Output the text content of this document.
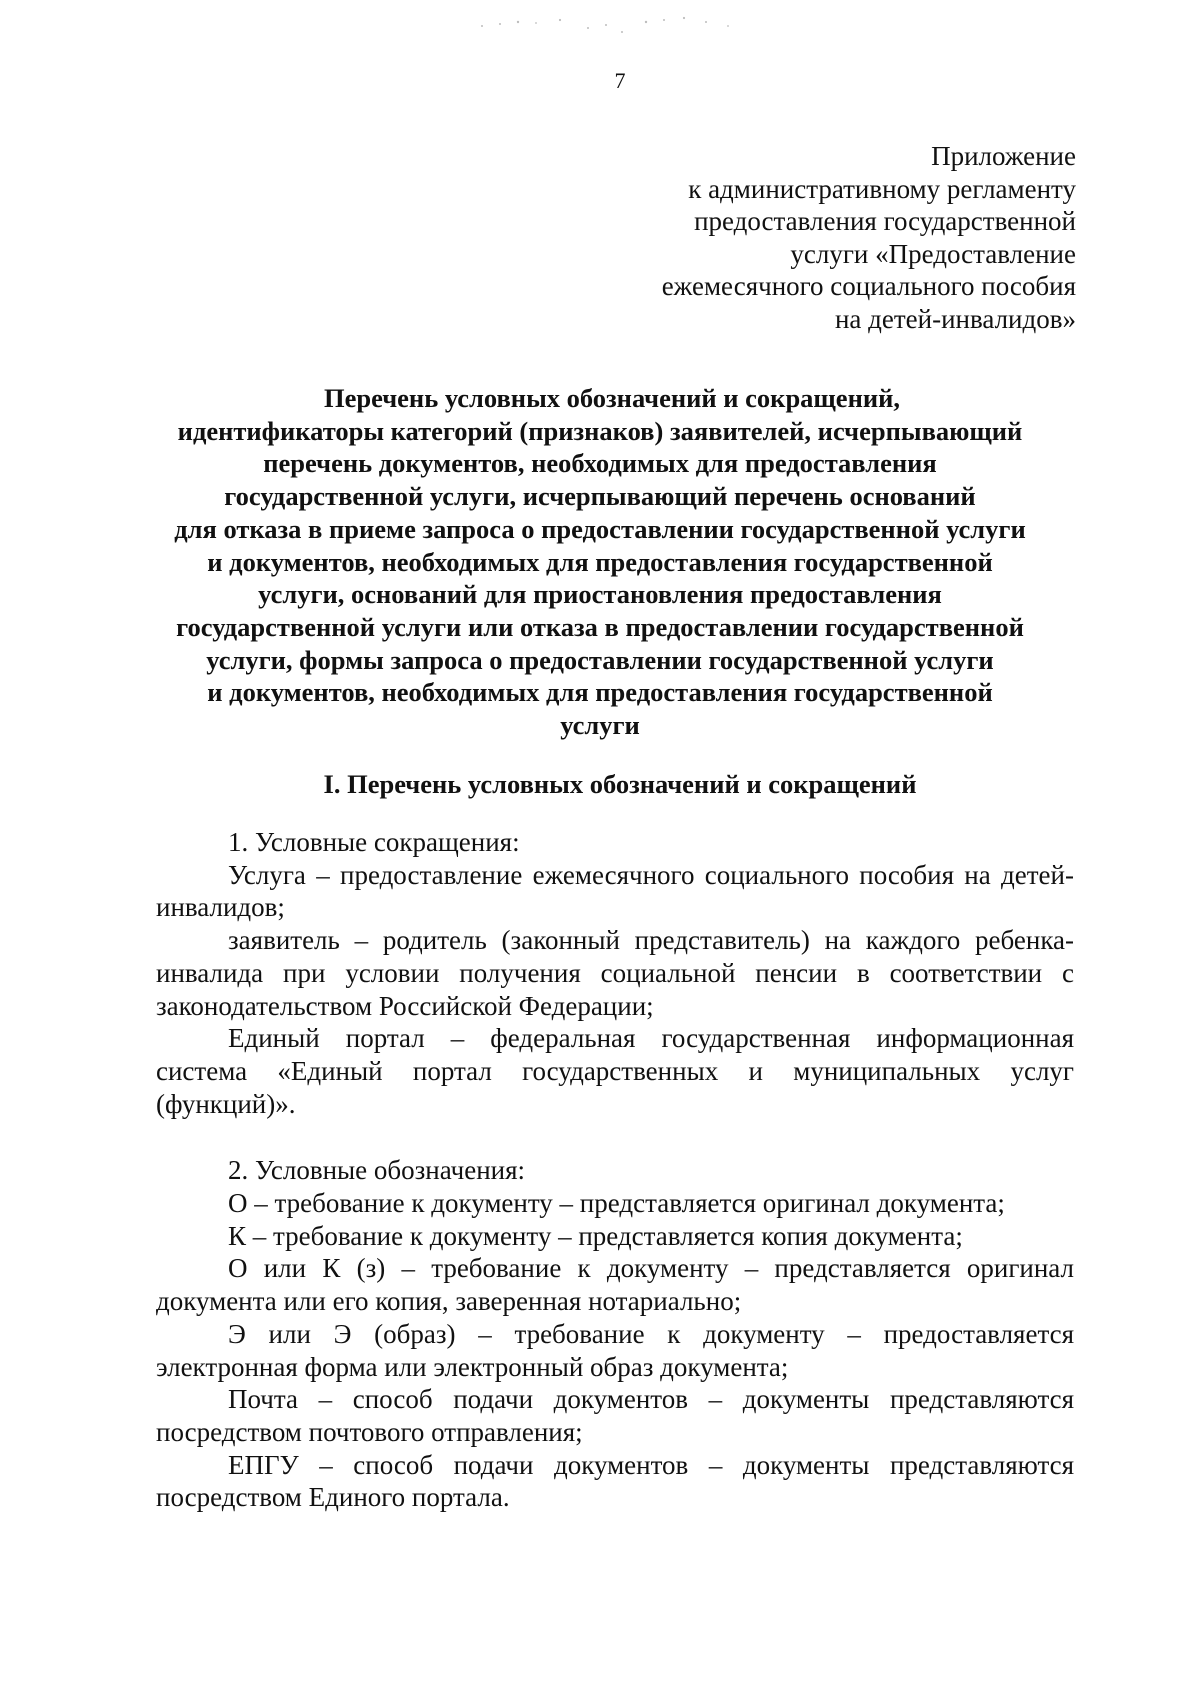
7
Приложение
к административному регламенту
предоставления государственной
услуги «Предоставление
ежемесячного социального пособия
на детей-инвалидов»
Перечень условных обозначений и сокращений,
идентификаторы категорий (признаков) заявителей, исчерпывающий
перечень документов, необходимых для предоставления
государственной услуги, исчерпывающий перечень оснований
для отказа в приеме запроса о предоставлении государственной услуги
и документов, необходимых для предоставления государственной
услуги, оснований для приостановления предоставления
государственной услуги или отказа в предоставлении государственной
услуги, формы запроса о предоставлении государственной услуги
и документов, необходимых для предоставления государственной
услуги
I. Перечень условных обозначений и сокращений

1. Условные сокращения:

Услуга – предоставление ежемесячного социального пособия на детей-инвалидов;

заявитель – родитель (законный представитель) на каждого ребенка-инвалида при условии получения социальной пенсии в соответствии с законодательством Российской Федерации;

Единый портал – федеральная государственная информационная система «Единый портал государственных и муниципальных услуг (функций)».

2. Условные обозначения:

О – требование к документу – представляется оригинал документа;

К – требование к документу – представляется копия документа;

О или К (з) – требование к документу – представляется оригинал документа или его копия, заверенная нотариально;

Э или Э (образ) – требование к документу – предоставляется электронная форма или электронный образ документа;

Почта – способ подачи документов – документы представляются посредством почтового отправления;

ЕПГУ – способ подачи документов – документы представляются посредством Единого портала.
